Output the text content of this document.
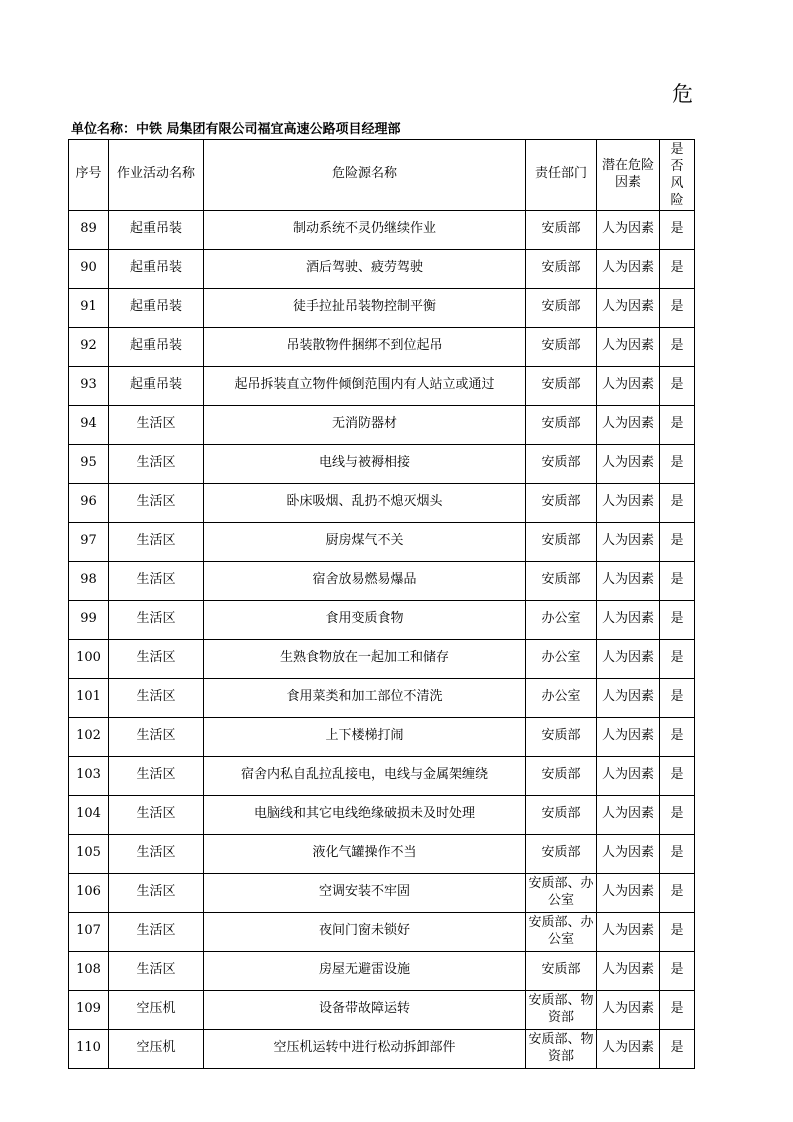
危
单位名称：中铁 局集团有限公司福宜高速公路项目经理部
序号	作业活动名称	危险源名称	责任部门	潜在危险因素	是
否
风
险

89	起重吊装	制动系统不灵仍继续作业	安质部	人为因素	是
90	起重吊装	酒后驾驶、疲劳驾驶	安质部	人为因素	是
91	起重吊装	徒手拉扯吊装物控制平衡	安质部	人为因素	是
92	起重吊装	吊装散物件捆绑不到位起吊	安质部	人为因素	是
93	起重吊装	起吊拆装直立物件倾倒范围内有人站立或通过	安质部	人为因素	是
94	生活区	无消防器材	安质部	人为因素	是
95	生活区	电线与被褥相接	安质部	人为因素	是
96	生活区	卧床吸烟、乱扔不熄灭烟头	安质部	人为因素	是
97	生活区	厨房煤气不关	安质部	人为因素	是
98	生活区	宿舍放易燃易爆品	安质部	人为因素	是
99	生活区	食用变质食物	办公室	人为因素	是
100	生活区	生熟食物放在一起加工和储存	办公室	人为因素	是
101	生活区	食用菜类和加工部位不清洗	办公室	人为因素	是
102	生活区	上下楼梯打闹	安质部	人为因素	是
103	生活区	宿舍内私自乱拉乱接电，电线与金属架缠绕	安质部	人为因素	是
104	生活区	电脑线和其它电线绝缘破损未及时处理	安质部	人为因素	是
105	生活区	液化气罐操作不当	安质部	人为因素	是
106	生活区	空调安装不牢固	安质部、办公室	人为因素	是
107	生活区	夜间门窗未锁好	安质部、办公室	人为因素	是
108	生活区	房屋无避雷设施	安质部	人为因素	是
109	空压机	设备带故障运转	安质部、物资部	人为因素	是
110	空压机	空压机运转中进行松动拆卸部件	安质部、物资部	人为因素	是
